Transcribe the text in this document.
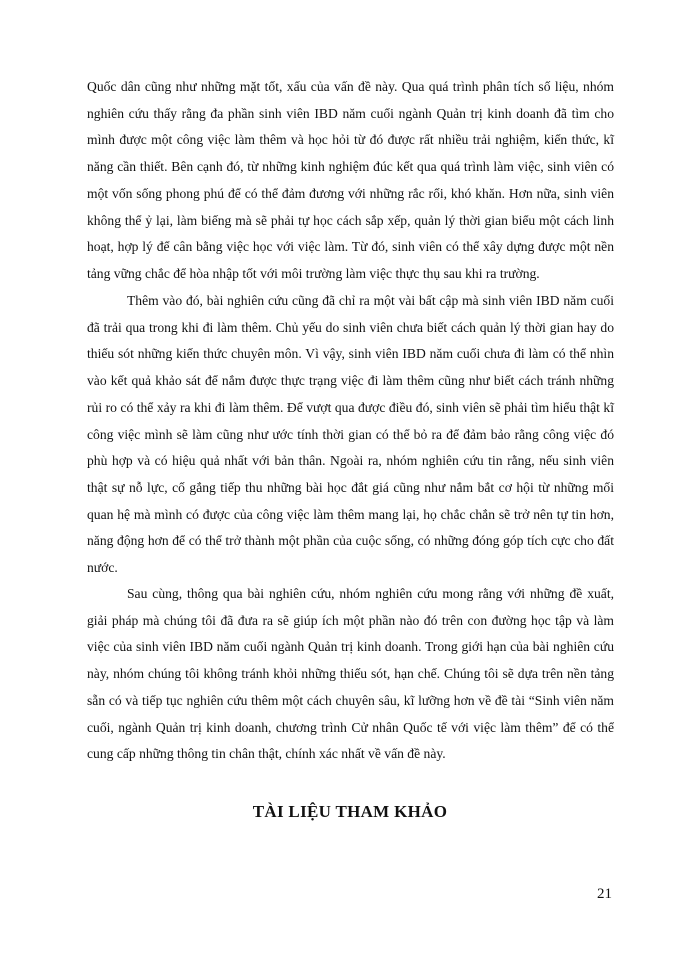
Quốc dân cũng như những mặt tốt, xấu của vấn đề này. Qua quá trình phân tích số liệu, nhóm nghiên cứu thấy rằng đa phần sinh viên IBD năm cuối ngành Quản trị kinh doanh đã tìm cho mình được một công việc làm thêm và học hỏi từ đó được rất nhiều trải nghiệm, kiến thức, kĩ năng cần thiết. Bên cạnh đó, từ những kinh nghiệm đúc kết qua quá trình làm việc, sinh viên có một vốn sống phong phú để có thể đảm đương với những rắc rối, khó khăn. Hơn nữa, sinh viên không thể ỷ lại, làm biếng mà sẽ phải tự học cách sắp xếp, quản lý thời gian biểu một cách linh hoạt, hợp lý để cân bằng việc học với việc làm. Từ đó, sinh viên có thể xây dựng được một nền tảng vững chắc để hòa nhập tốt với môi trường làm việc thực thụ sau khi ra trường.

Thêm vào đó, bài nghiên cứu cũng đã chỉ ra một vài bất cập mà sinh viên IBD năm cuối đã trải qua trong khi đi làm thêm. Chủ yếu do sinh viên chưa biết cách quản lý thời gian hay do thiếu sót những kiến thức chuyên môn. Vì vậy, sinh viên IBD năm cuối chưa đi làm có thể nhìn vào kết quả khảo sát để nắm được thực trạng việc đi làm thêm cũng như biết cách tránh những rủi ro có thể xảy ra khi đi làm thêm. Để vượt qua được điều đó, sinh viên sẽ phải tìm hiểu thật kĩ công việc mình sẽ làm cũng như ước tính thời gian có thể bỏ ra để đảm bảo rằng công việc đó phù hợp và có hiệu quả nhất với bản thân. Ngoài ra, nhóm nghiên cứu tin rằng, nếu sinh viên thật sự nỗ lực, cố gắng tiếp thu những bài học đắt giá cũng như nắm bắt cơ hội từ những mối quan hệ mà mình có được của công việc làm thêm mang lại, họ chắc chắn sẽ trở nên tự tin hơn, năng động hơn để có thể trở thành một phần của cuộc sống, có những đóng góp tích cực cho đất nước.

Sau cùng, thông qua bài nghiên cứu, nhóm nghiên cứu mong rằng với những đề xuất, giải pháp mà chúng tôi đã đưa ra sẽ giúp ích một phần nào đó trên con đường học tập và làm việc của sinh viên IBD năm cuối ngành Quản trị kinh doanh. Trong giới hạn của bài nghiên cứu này, nhóm chúng tôi không tránh khỏi những thiếu sót, hạn chế. Chúng tôi sẽ dựa trên nền tảng sẵn có và tiếp tục nghiên cứu thêm một cách chuyên sâu, kĩ lưỡng hơn về đề tài “Sinh viên năm cuối, ngành Quản trị kinh doanh, chương trình Cử nhân Quốc tế với việc làm thêm” để có thể cung cấp những thông tin chân thật, chính xác nhất về vấn đề này.

TÀI LIỆU THAM KHẢO
21
